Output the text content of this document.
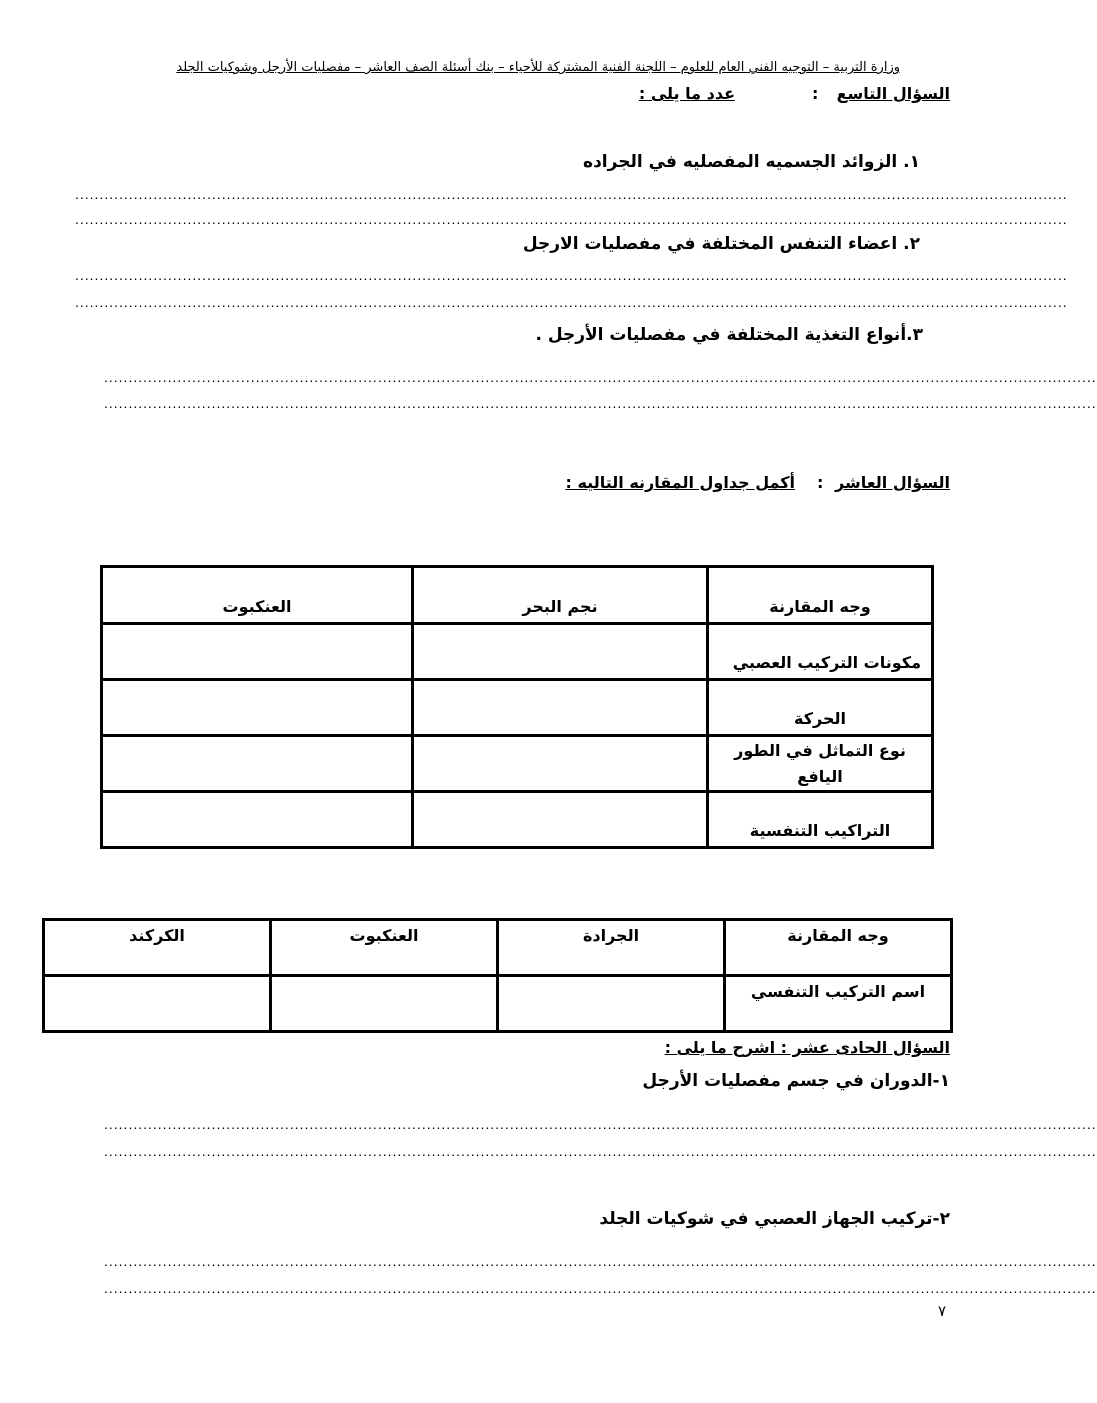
وزارة التربية – التوجيه الفني العام للعلوم – اللجنة الفنية المشتركة للأحياء – بنك أسئلة الصف العاشر – مفصليات الأرجل وشوكيات الجلد
السؤال التاسع
:
عدد ما يلى :
١. الزوائد الجسميه المفصليه في الجراده
...........................................................................................................................................................................................................
...........................................................................................................................................................................................................
٢. اعضاء التنفس المختلفة في مفصليات الارجل
...........................................................................................................................................................................................................
...........................................................................................................................................................................................................
٣.أنواع التغذية المختلفة في مفصليات الأرجل .
...........................................................................................................................................................................................................
...........................................................................................................................................................................................................
السؤال العاشر
:
أكمل جداول المقارنه التاليه :
وجه المقارنة	نجم البحر	العنكبوت
مكونات التركيب العصبي		
الحركة		
نوع التماثل في الطور اليافع		
التراكيب التنفسية		
وجه المقارنة	الجرادة	العنكبوت	الكركند
اسم التركيب التنفسي			
السؤال الحادى عشر : اشرح ما يلى :
١-الدوران في جسم مفصليات الأرجل
...........................................................................................................................................................................................................
...........................................................................................................................................................................................................
٢-تركيب الجهاز العصبي في شوكيات الجلد
...........................................................................................................................................................................................................
...........................................................................................................................................................................................................
٧
